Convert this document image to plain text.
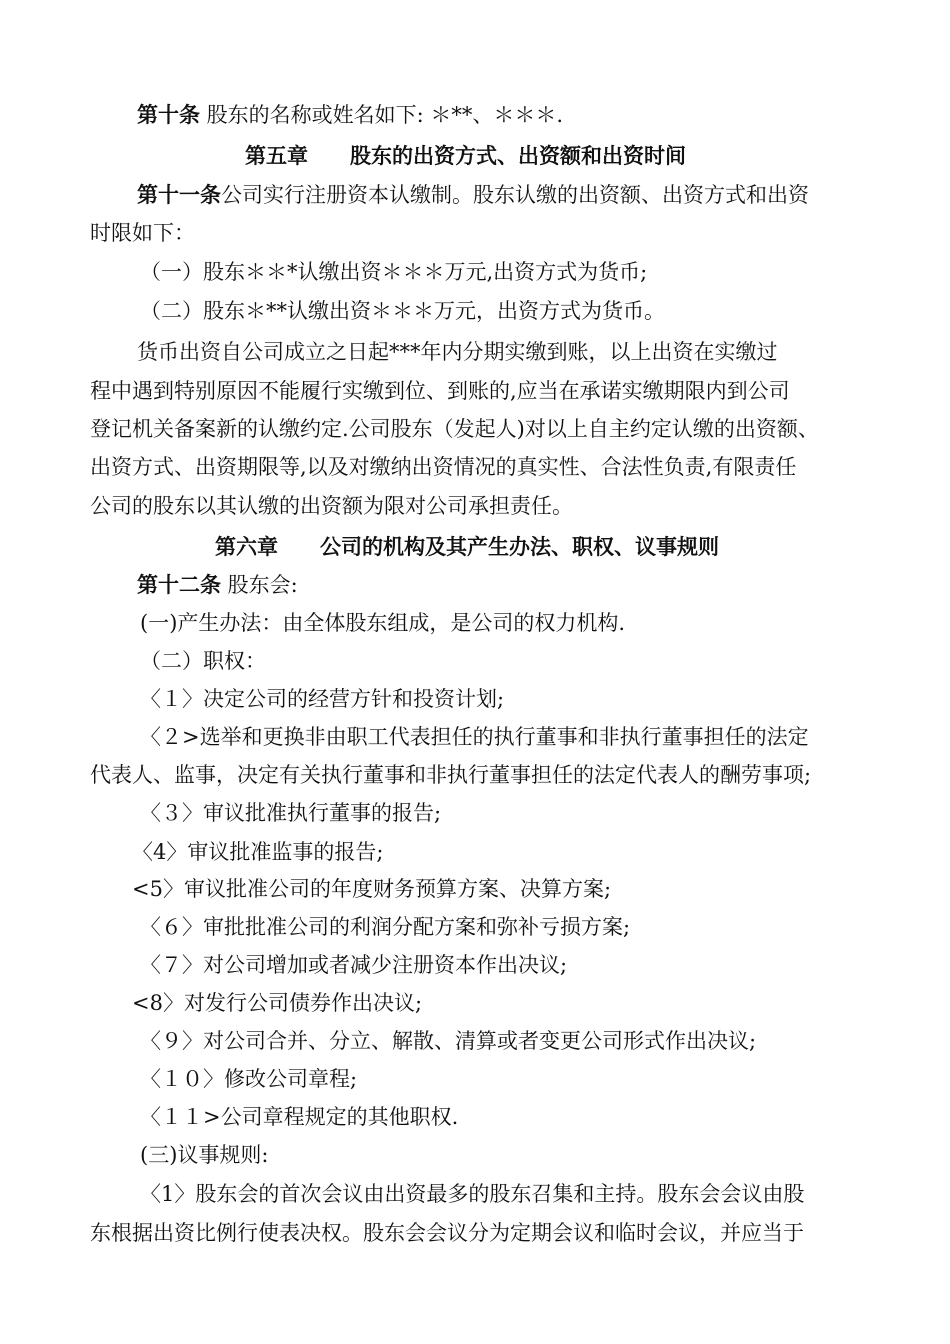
第十条 股东的名称或姓名如下: ＊**、＊＊＊.
第五章　　股东的出资方式、出资额和出资时间
第十一条公司实行注册资本认缴制。股东认缴的出资额、出资方式和出资
时限如下：
（一）股东＊＊*认缴出资＊＊＊万元,出资方式为货币;
（二）股东＊**认缴出资＊＊＊万元，出资方式为货币。
货币出资自公司成立之日起***年内分期实缴到账，以上出资在实缴过
程中遇到特别原因不能履行实缴到位、到账的,应当在承诺实缴期限内到公司
登记机关备案新的认缴约定.公司股东（发起人)对以上自主约定认缴的出资额、
出资方式、出资期限等,以及对缴纳出资情况的真实性、合法性负责,有限责任
公司的股东以其认缴的出资额为限对公司承担责任。
第六章　　公司的机构及其产生办法、职权、议事规则
第十二条 股东会:
(一)产生办法：由全体股东组成，是公司的权力机构.
（二）职权：
〈１〉决定公司的经营方针和投资计划;
〈２>选举和更换非由职工代表担任的执行董事和非执行董事担任的法定
代表人、监事，决定有关执行董事和非执行董事担任的法定代表人的酬劳事项;
〈３〉审议批准执行董事的报告;
〈4〉审议批准监事的报告;
<5〉审议批准公司的年度财务预算方案、决算方案;
〈６〉审批批准公司的利润分配方案和弥补亏损方案;
〈７〉对公司增加或者减少注册资本作出决议;
<8〉对发行公司债券作出决议;
〈９〉对公司合并、分立、解散、清算或者变更公司形式作出决议;
〈１０〉修改公司章程;
〈１１>公司章程规定的其他职权.
(三)议事规则:
〈1〉股东会的首次会议由出资最多的股东召集和主持。股东会会议由股
东根据出资比例行使表决权。股东会会议分为定期会议和临时会议，并应当于
